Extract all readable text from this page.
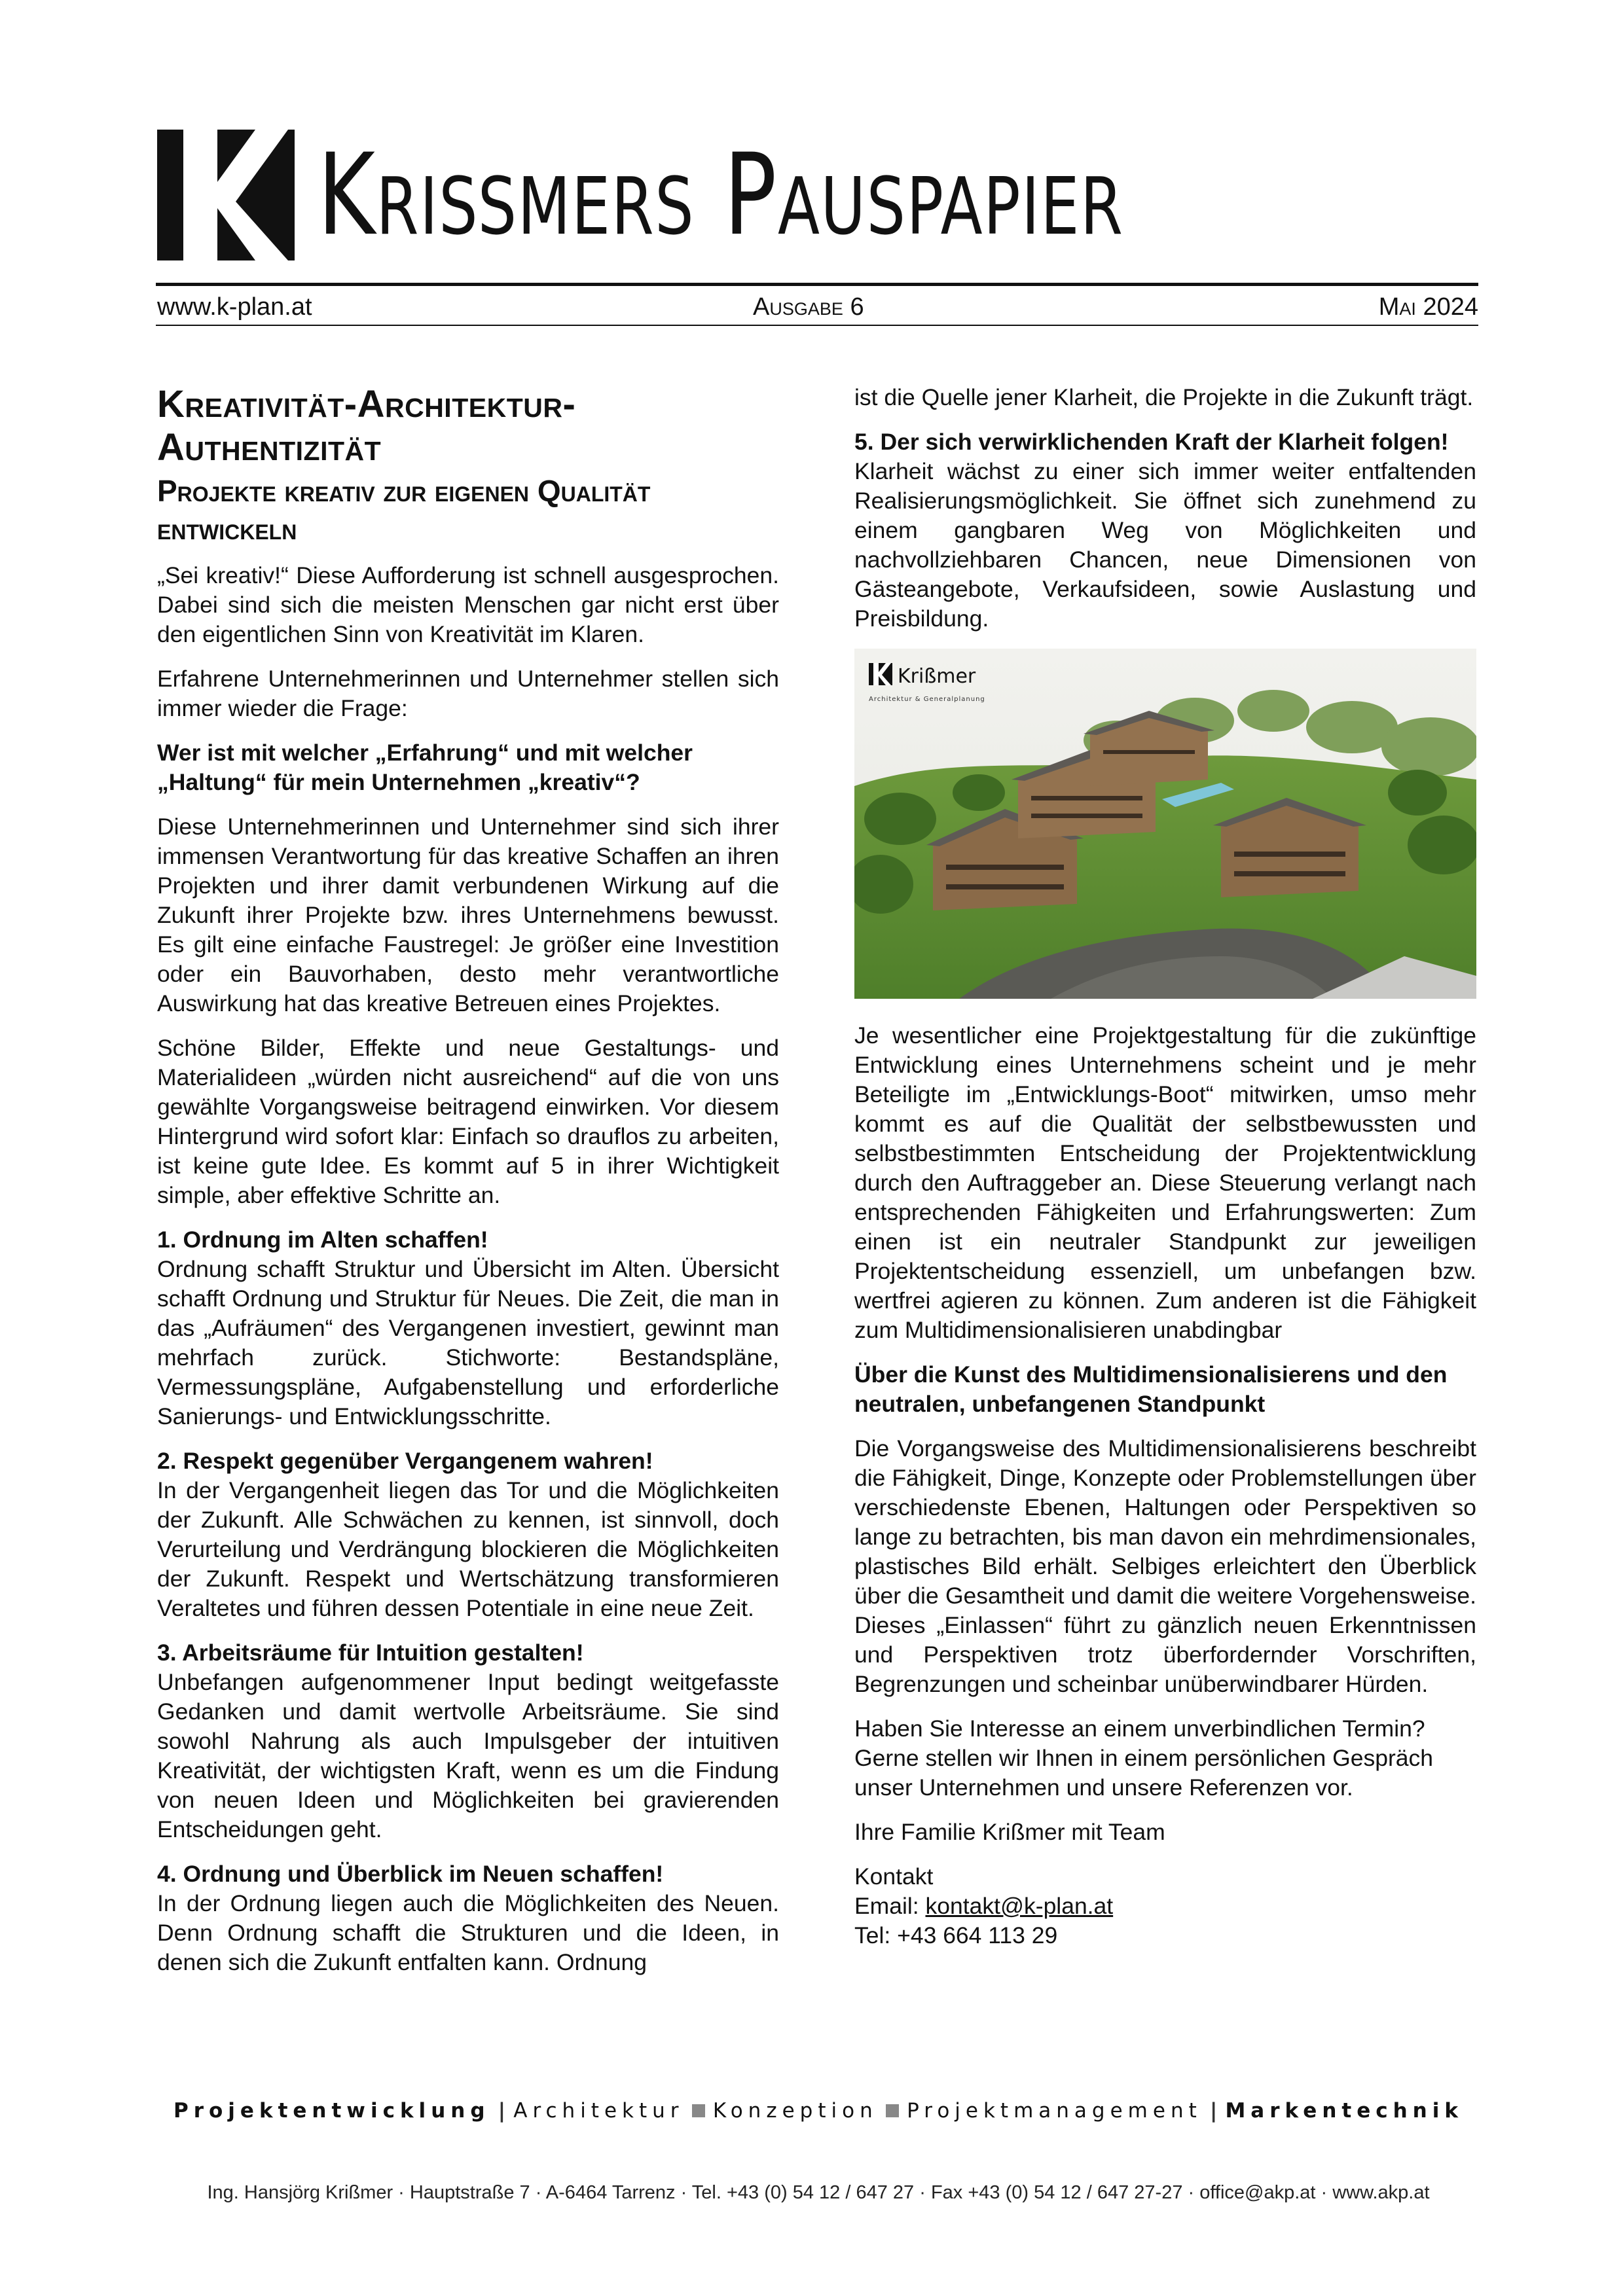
Krißmers Pauspapier
www.k-plan.at	Ausgabe 6	Mai 2024
Kreativität-Architektur-Authentizität
Projekte kreativ zur eigenen Qualität entwickeln

„Sei kreativ!“ Diese Aufforderung ist schnell ausgesprochen. Dabei sind sich die meisten Menschen gar nicht erst über den eigentlichen Sinn von Kreativität im Klaren.

Erfahrene Unternehmerinnen und Unternehmer stellen sich immer wieder die Frage:

Wer ist mit welcher „Erfahrung“ und mit welcher „Haltung“ für mein Unternehmen „kreativ“?

Diese Unternehmerinnen und Unternehmer sind sich ihrer immensen Verantwortung für das kreative Schaffen an ihren Projekten und ihrer damit verbundenen Wirkung auf die Zukunft ihrer Projekte bzw. ihres Unternehmens bewusst. Es gilt eine einfache Faustregel: Je größer eine Investition oder ein Bauvorhaben, desto mehr verantwortliche Auswirkung hat das kreative Betreuen eines Projektes.

Schöne Bilder, Effekte und neue Gestaltungs- und Materialideen „würden nicht ausreichend“ auf die von uns gewählte Vorgangsweise beitragend einwirken. Vor diesem Hintergrund wird sofort klar: Einfach so drauflos zu arbeiten, ist keine gute Idee. Es kommt auf 5 in ihrer Wichtigkeit simple, aber effektive Schritte an.

1. Ordnung im Alten schaffen!
Ordnung schafft Struktur und Übersicht im Alten. Übersicht schafft Ordnung und Struktur für Neues. Die Zeit, die man in das „Aufräumen“ des Vergangenen investiert, gewinnt man mehrfach zurück. Stichworte: Bestandspläne, Vermessungspläne, Aufgabenstellung und erforderliche Sanierungs- und Entwicklungsschritte.

2. Respekt gegenüber Vergangenem wahren!
In der Vergangenheit liegen das Tor und die Möglichkeiten der Zukunft. Alle Schwächen zu kennen, ist sinnvoll, doch Verurteilung und Verdrängung blockieren die Möglichkeiten der Zukunft. Respekt und Wertschätzung transformieren Veraltetes und führen dessen Potentiale in eine neue Zeit.

3. Arbeitsräume für Intuition gestalten!
Unbefangen aufgenommener Input bedingt weitgefasste Gedanken und damit wertvolle Arbeitsräume. Sie sind sowohl Nahrung als auch Impulsgeber der intuitiven Kreativität, der wichtigsten Kraft, wenn es um die Findung von neuen Ideen und Möglichkeiten bei gravierenden Entscheidungen geht.

4. Ordnung und Überblick im Neuen schaffen!
In der Ordnung liegen auch die Möglichkeiten des Neuen. Denn Ordnung schafft die Strukturen und die Ideen, in denen sich die Zukunft entfalten kann. Ordnung

ist die Quelle jener Klarheit, die Projekte in die Zukunft trägt.

5. Der sich verwirklichenden Kraft der Klarheit folgen!
Klarheit wächst zu einer sich immer weiter entfaltenden Realisierungsmöglichkeit. Sie öffnet sich zunehmend zu einem gangbaren Weg von Möglichkeiten und nachvollziehbaren Chancen, neue Dimensionen von Gästeangebote, Verkaufsideen, sowie Auslastung und Preisbildung.

Krißmer
Architektur & Generalplanung

Je wesentlicher eine Projektgestaltung für die zukünftige Entwicklung eines Unternehmens scheint und je mehr Beteiligte im „Entwicklungs-Boot“ mitwirken, umso mehr kommt es auf die Qualität der selbstbewussten und selbstbestimmten Entscheidung der Projektentwicklung durch den Auftraggeber an. Diese Steuerung verlangt nach entsprechenden Fähigkeiten und Erfahrungswerten: Zum einen ist ein neutraler Standpunkt zur jeweiligen Projektentscheidung essenziell, um unbefangen bzw. wertfrei agieren zu können. Zum anderen ist die Fähigkeit zum Multidimensionalisieren unabdingbar

Über die Kunst des Multidimensionalisierens und den neutralen, unbefangenen Standpunkt

Die Vorgangsweise des Multidimensionalisierens beschreibt die Fähigkeit, Dinge, Konzepte oder Problemstellungen über verschiedenste Ebenen, Haltungen oder Perspektiven so lange zu betrachten, bis man davon ein mehrdimensionales, plastisches Bild erhält. Selbiges erleichtert den Überblick über die Gesamtheit und damit die weitere Vorgehensweise. Dieses „Einlassen“ führt zu gänzlich neuen Erkenntnissen und Perspektiven trotz überfordernder Vorschriften, Begrenzungen und scheinbar unüberwindbarer Hürden.

Haben Sie Interesse an einem unverbindlichen Termin? Gerne stellen wir Ihnen in einem persönlichen Gespräch unser Unternehmen und unsere Referenzen vor.

Ihre Familie Krißmer mit Team

Kontakt
Email: kontakt@k-plan.at
Tel: +43 664 113 29

Projektentwicklung | Architektur Konzeption Projektmanagement | Markentechnik
Ing. Hansjörg Krißmer · Hauptstraße 7 · A-6464 Tarrenz · Tel. +43 (0) 54 12 / 647 27 · Fax +43 (0) 54 12 / 647 27-27 · office@akp.at · www.akp.at
